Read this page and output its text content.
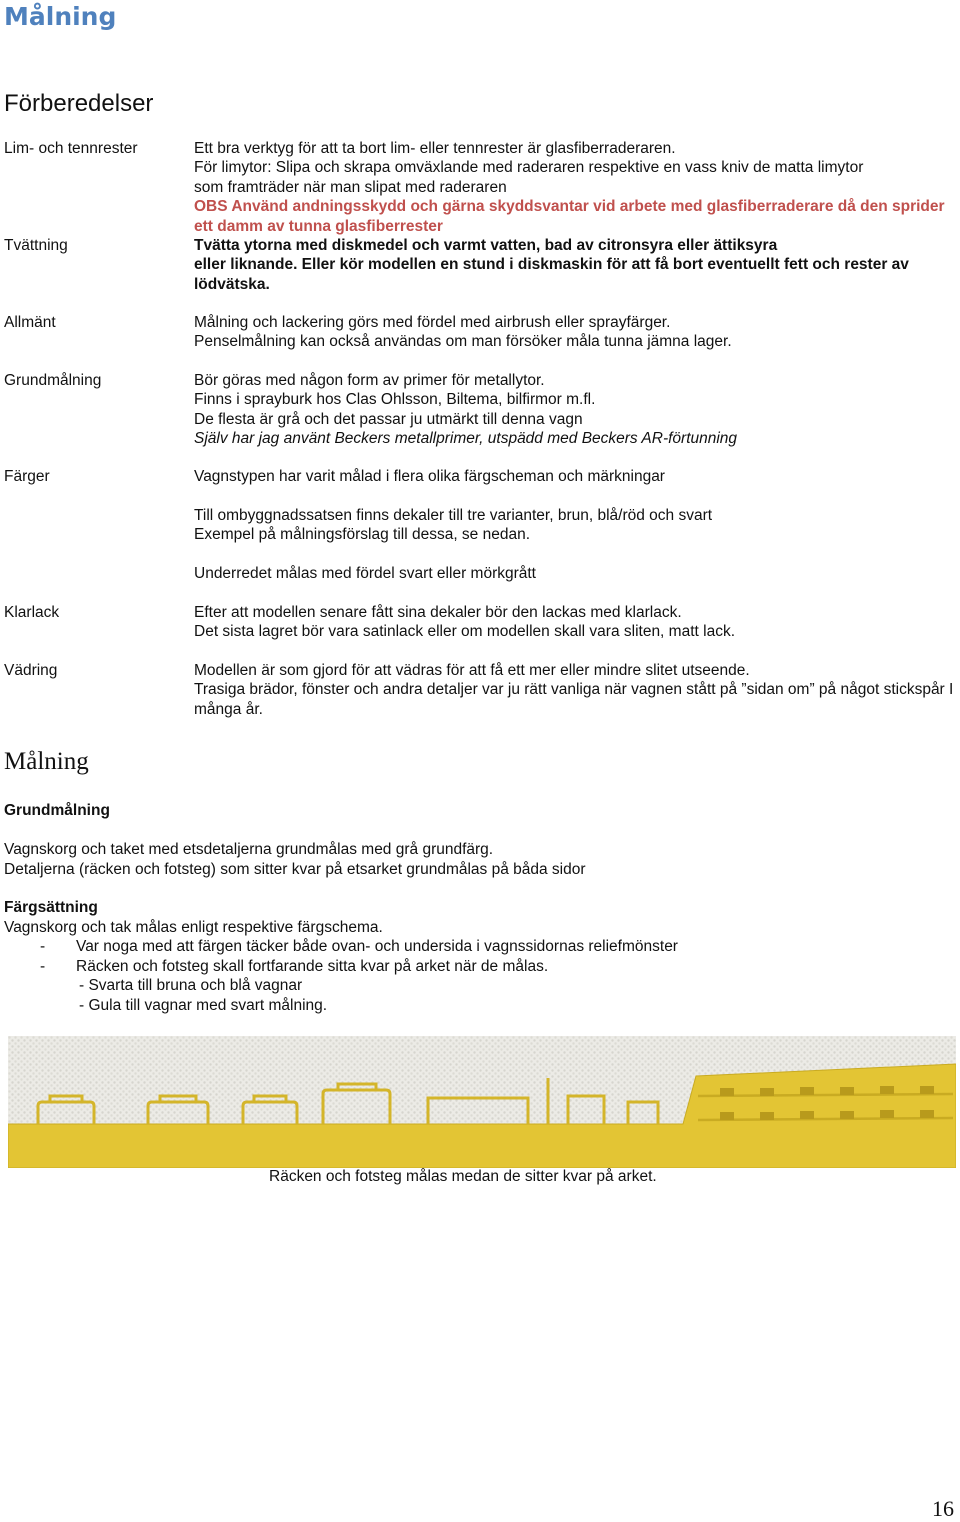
Målning
Förberedelser
Lim- och tennrester	Ett bra verktyg för att ta bort lim- eller tennrester är glasfiberraderaren.
För limytor: Slipa och skrapa omväxlande med raderaren respektive en vass kniv de matta limytor
som framträder när man slipat med raderaren
OBS Använd andningsskydd och gärna skyddsvantar vid arbete med glasfiberraderare då den sprider ett damm av tunna glasfiberrester
Tvättning	Tvätta ytorna med diskmedel och varmt vatten, bad av citronsyra eller ättiksyra
eller liknande. Eller kör modellen en stund i diskmaskin för att få bort eventuellt fett och rester av lödvätska.
Allmänt	Målning och lackering görs med fördel med airbrush eller sprayfärger.
Penselmålning kan också användas om man försöker måla tunna jämna lager.
Grundmålning	Bör göras med någon form av primer för metallytor.
Finns i sprayburk hos Clas Ohlsson, Biltema, bilfirmor m.fl.
De flesta är grå och det passar ju utmärkt till denna vagn
Själv har jag använt Beckers metallprimer, utspädd med Beckers AR-förtunning
Färger	Vagnstypen har varit målad i flera olika färgscheman och märkningar
Till ombyggnadssatsen finns dekaler till tre varianter, brun, blå/röd och svart
Exempel på målningsförslag till dessa, se nedan.
Underredet målas med fördel svart eller mörkgrått
Klarlack	Efter att modellen senare fått sina dekaler bör den lackas med klarlack.
Det sista lagret bör vara satinlack eller om modellen skall vara sliten, matt lack.
Vädring	Modellen är som gjord för att vädras för att få ett mer eller mindre slitet utseende.
Trasiga brädor, fönster och andra detaljer var ju rätt vanliga när vagnen stått på ”sidan om” på något stickspår I många år.
Målning
Grundmålning
Vagnskorg och taket med etsdetaljerna grundmålas med grå grundfärg.
Detaljerna (räcken och fotsteg) som sitter kvar på etsarket grundmålas på båda sidor
Färgsättning
Vagnskorg och tak målas enligt respektive färgschema.
- Var noga med att färgen täcker både ovan- och undersida i vagnssidornas reliefmönster
- Räcken och fotsteg skall fortfarande sitta kvar på arket när de målas.
- Svarta till bruna och blå vagnar
- Gula till vagnar med svart målning.
Räcken och fotsteg målas medan de sitter kvar på arket.
16
